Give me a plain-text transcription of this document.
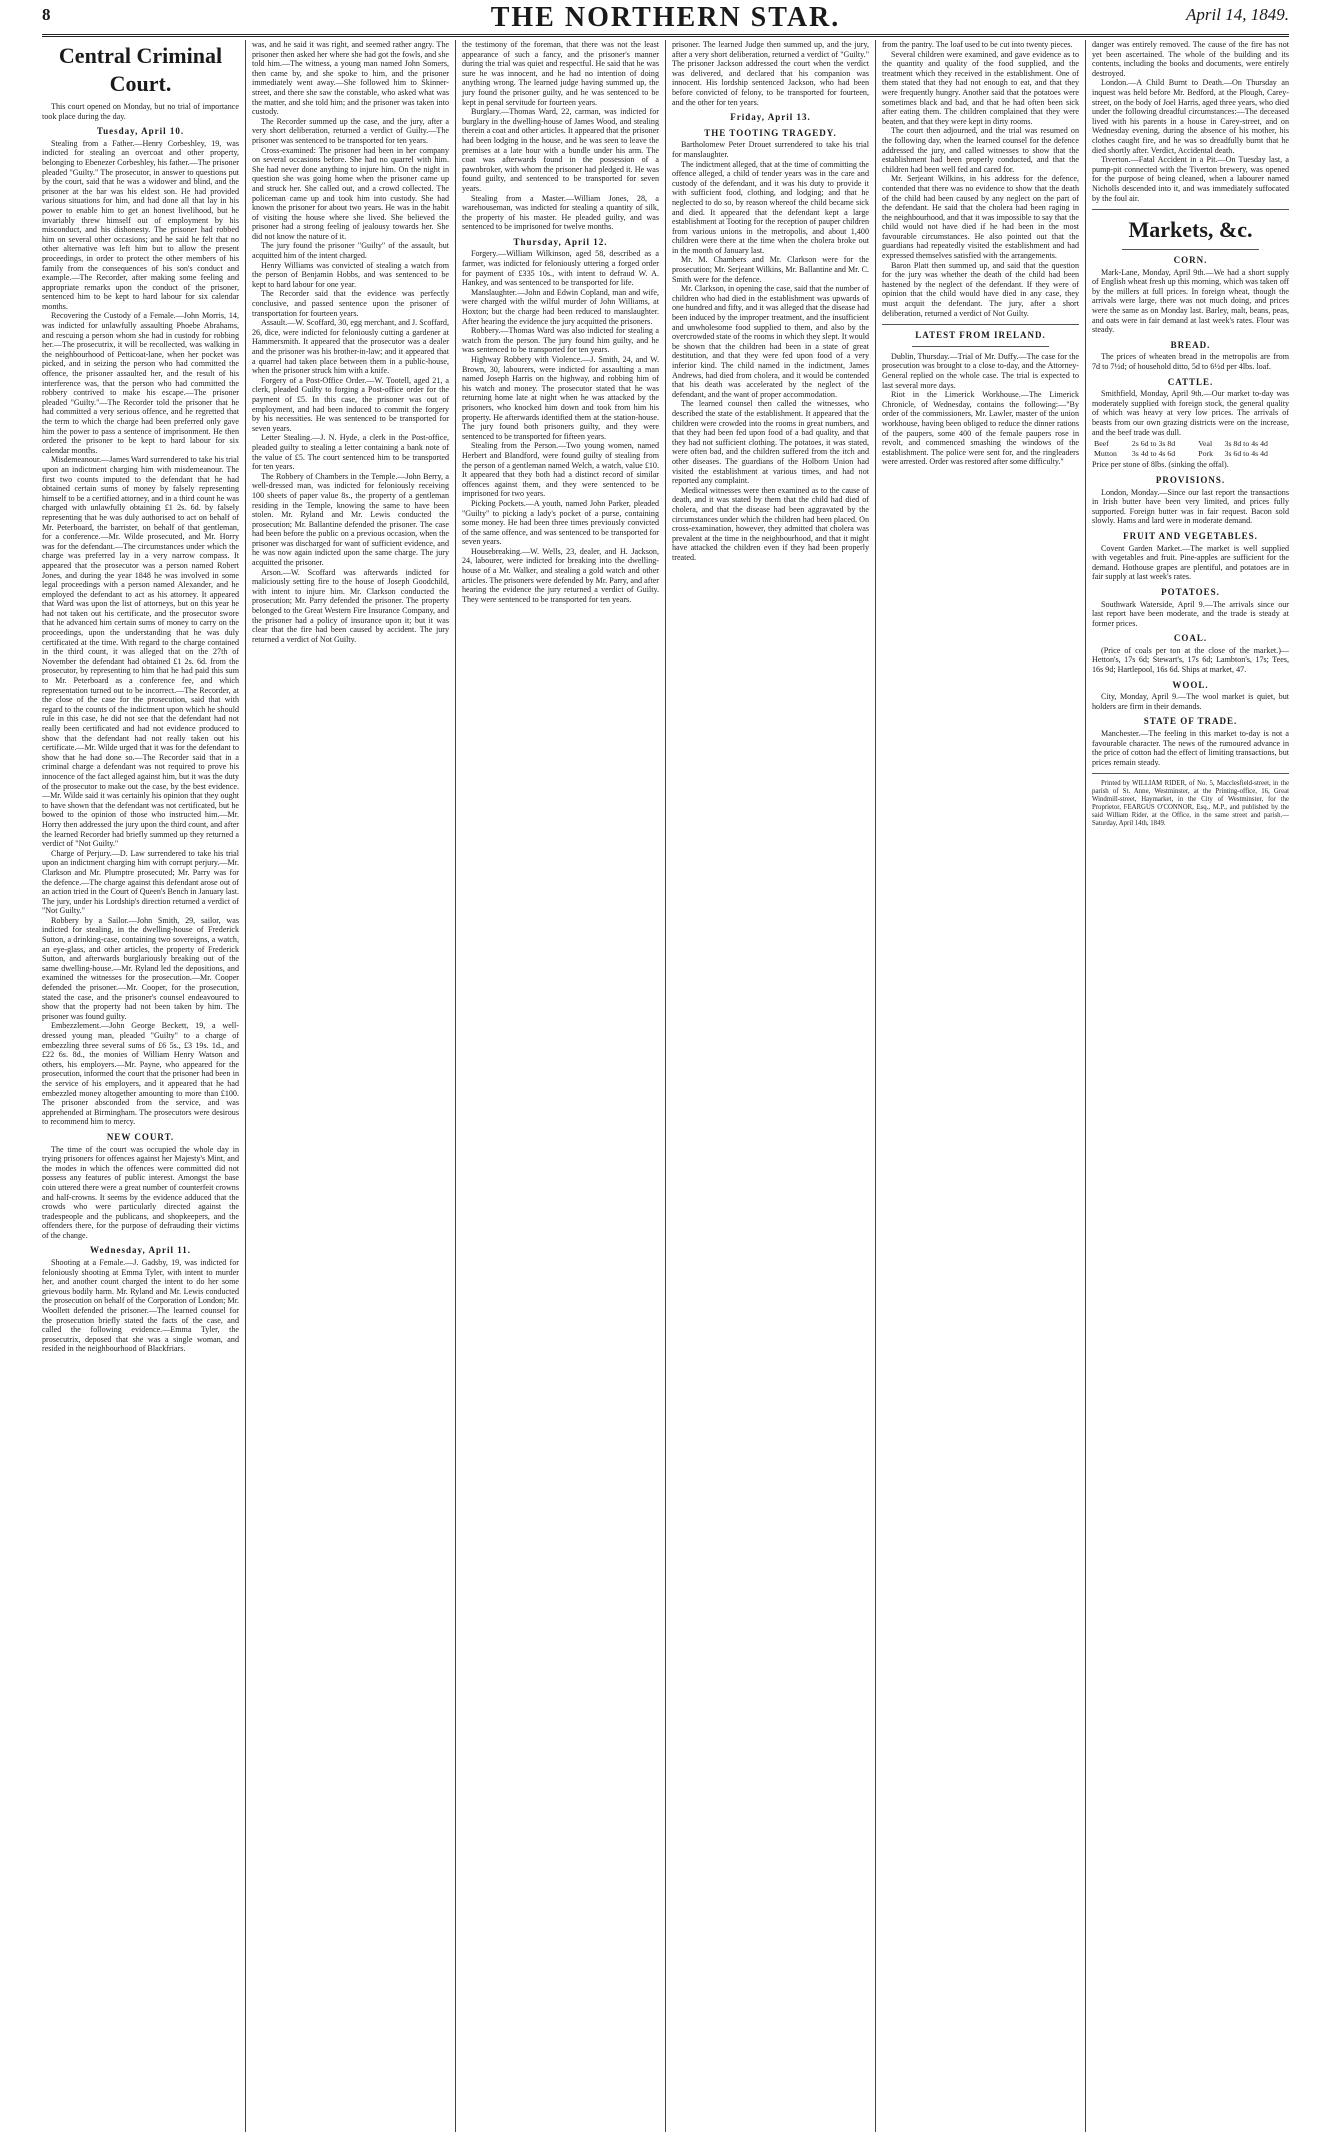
8	THE NORTHERN STAR.	April 14, 1849.
Central Criminal Court.

This court opened on Monday, but no trial of importance took place during the day.

Tuesday, April 10.

Stealing from a Father.—Henry Corbeshley, 19, was indicted for stealing an overcoat and other property, belonging to Ebenezer Corbeshley, his father.—The prisoner pleaded "Guilty." The prosecutor, in answer to questions put by the court, said that he was a widower and blind, and the prisoner at the bar was his eldest son. He had provided various situations for him, and had done all that lay in his power to enable him to get an honest livelihood, but he invariably threw himself out of employment by his misconduct, and his dishonesty. The prisoner had robbed him on several other occasions; and he said he felt that no other alternative was left him but to allow the present proceedings, in order to protect the other members of his family from the consequences of his son's conduct and example.—The Recorder, after making some feeling and appropriate remarks upon the conduct of the prisoner, sentenced him to be kept to hard labour for six calendar months.

Recovering the Custody of a Female.—John Morris, 14, was indicted for unlawfully assaulting Phoebe Abrahams, and rescuing a person whom she had in custody for robbing her.—The prosecutrix, it will be recollected, was walking in the neighbourhood of Petticoat-lane, when her pocket was picked, and in seizing the person who had committed the offence, the prisoner assaulted her, and the result of his interference was, that the person who had committed the robbery contrived to make his escape.—The prisoner pleaded "Guilty."—The Recorder told the prisoner that he had committed a very serious offence, and he regretted that the term to which the charge had been preferred only gave him the power to pass a sentence of imprisonment. He then ordered the prisoner to be kept to hard labour for six calendar months.

Misdemeanour.—James Ward surrendered to take his trial upon an indictment charging him with misdemeanour. The first two counts imputed to the defendant that he had obtained certain sums of money by falsely representing himself to be a certified attorney, and in a third count he was charged with unlawfully obtaining £1 2s. 6d. by falsely representing that he was duly authorised to act on behalf of Mr. Peterboard, the barrister, on behalf of that gentleman, for a conference.—Mr. Wilde prosecuted, and Mr. Horry was for the defendant.—The circumstances under which the charge was preferred lay in a very narrow compass. It appeared that the prosecutor was a person named Robert Jones, and during the year 1848 he was involved in some legal proceedings with a person named Alexander, and he employed the defendant to act as his attorney. It appeared that Ward was upon the list of attorneys, but on this year he had not taken out his certificate, and the prosecutor swore that he advanced him certain sums of money to carry on the proceedings, upon the understanding that he was duly certificated at the time. With regard to the charge contained in the third count, it was alleged that on the 27th of November the defendant had obtained £1 2s. 6d. from the prosecutor, by representing to him that he had paid this sum to Mr. Peterboard as a conference fee, and which representation turned out to be incorrect.—The Recorder, at the close of the case for the prosecution, said that with regard to the counts of the indictment upon which he should rule in this case, he did not see that the defendant had not really been certificated and had not evidence produced to show that the defendant had not really taken out his certificate.—Mr. Wilde urged that it was for the defendant to show that he had done so.—The Recorder said that in a criminal charge a defendant was not required to prove his innocence of the fact alleged against him, but it was the duty of the prosecutor to make out the case, by the best evidence.—Mr. Wilde said it was certainly his opinion that they ought to have shown that the defendant was not certificated, but he bowed to the opinion of those who instructed him.—Mr. Horry then addressed the jury upon the third count, and after the learned Recorder had briefly summed up they returned a verdict of "Not Guilty."

Charge of Perjury.—D. Law surrendered to take his trial upon an indictment charging him with corrupt perjury.—Mr. Clarkson and Mr. Plumptre prosecuted; Mr. Parry was for the defence.—The charge against this defendant arose out of an action tried in the Court of Queen's Bench in January last. The jury, under his Lordship's direction returned a verdict of "Not Guilty."

Robbery by a Sailor.—John Smith, 29, sailor, was indicted for stealing, in the dwelling-house of Frederick Sutton, a drinking-case, containing two sovereigns, a watch, an eye-glass, and other articles, the property of Frederick Sutton, and afterwards burglariously breaking out of the same dwelling-house.—Mr. Ryland led the depositions, and examined the witnesses for the prosecution.—Mr. Cooper defended the prisoner.—Mr. Cooper, for the prosecution, stated the case, and the prisoner's counsel endeavoured to show that the property had not been taken by him. The prisoner was found guilty.

Embezzlement.—John George Beckett, 19, a well-dressed young man, pleaded "Guilty" to a charge of embezzling three several sums of £6 5s., £3 19s. 1d., and £22 6s. 8d., the monies of William Henry Watson and others, his employers.—Mr. Payne, who appeared for the prosecution, informed the court that the prisoner had been in the service of his employers, and it appeared that he had embezzled money altogether amounting to more than £100. The prisoner absconded from the service, and was apprehended at Birmingham. The prosecutors were desirous to recommend him to mercy.

NEW COURT.

The time of the court was occupied the whole day in trying prisoners for offences against her Majesty's Mint, and the modes in which the offences were committed did not possess any features of public interest. Amongst the base coin uttered there were a great number of counterfeit crowns and half-crowns. It seems by the evidence adduced that the crowds who were particularly directed against the tradespeople and the publicans, and shopkeepers, and the offenders there, for the purpose of defrauding their victims of the change.

Wednesday, April 11.

Shooting at a Female.—J. Gadsby, 19, was indicted for feloniously shooting at Emma Tyler, with intent to murder her, and another count charged the intent to do her some grievous bodily harm. Mr. Ryland and Mr. Lewis conducted the prosecution on behalf of the Corporation of London; Mr. Woollett defended the prisoner.—The learned counsel for the prosecution briefly stated the facts of the case, and called the following evidence.—Emma Tyler, the prosecutrix, deposed that she was a single woman, and resided in the neighbourhood of Blackfriars.

was, and he said it was right, and seemed rather angry. The prisoner then asked her where she had got the fowls, and she told him.—The witness, a young man named John Somers, then came by, and she spoke to him, and the prisoner immediately went away.—She followed him to Skinner-street, and there she saw the constable, who asked what was the matter, and she told him; and the prisoner was taken into custody.

The Recorder summed up the case, and the jury, after a very short deliberation, returned a verdict of Guilty.—The prisoner was sentenced to be transported for ten years.

Cross-examined: The prisoner had been in her company on several occasions before. She had no quarrel with him. She had never done anything to injure him. On the night in question she was going home when the prisoner came up and struck her. She called out, and a crowd collected. The policeman came up and took him into custody. She had known the prisoner for about two years. He was in the habit of visiting the house where she lived. She believed the prisoner had a strong feeling of jealousy towards her. She did not know the nature of it.

The jury found the prisoner "Guilty" of the assault, but acquitted him of the intent charged.

Henry Williams was convicted of stealing a watch from the person of Benjamin Hobbs, and was sentenced to be kept to hard labour for one year.

The Recorder said that the evidence was perfectly conclusive, and passed sentence upon the prisoner of transportation for fourteen years.

Assault.—W. Scoffard, 30, egg merchant, and J. Scoffard, 26, dice, were indicted for feloniously cutting a gardener at Hammersmith. It appeared that the prosecutor was a dealer and the prisoner was his brother-in-law; and it appeared that a quarrel had taken place between them in a public-house, when the prisoner struck him with a knife.

Forgery of a Post-Office Order.—W. Tootell, aged 21, a clerk, pleaded Guilty to forging a Post-office order for the payment of £5. In this case, the prisoner was out of employment, and had been induced to commit the forgery by his necessities. He was sentenced to be transported for seven years.

Letter Stealing.—J. N. Hyde, a clerk in the Post-office, pleaded guilty to stealing a letter containing a bank note of the value of £5. The court sentenced him to be transported for ten years.

The Robbery of Chambers in the Temple.—John Berry, a well-dressed man, was indicted for feloniously receiving 100 sheets of paper value 8s., the property of a gentleman residing in the Temple, knowing the same to have been stolen. Mr. Ryland and Mr. Lewis conducted the prosecution; Mr. Ballantine defended the prisoner. The case had been before the public on a previous occasion, when the prisoner was discharged for want of sufficient evidence, and he was now again indicted upon the same charge. The jury acquitted the prisoner.

Arson.—W. Scoffard was afterwards indicted for maliciously setting fire to the house of Joseph Goodchild, with intent to injure him. Mr. Clarkson conducted the prosecution; Mr. Parry defended the prisoner. The property belonged to the Great Western Fire Insurance Company, and the prisoner had a policy of insurance upon it; but it was clear that the fire had been caused by accident. The jury returned a verdict of Not Guilty.

the testimony of the foreman, that there was not the least appearance of such a fancy, and the prisoner's manner during the trial was quiet and respectful. He said that he was sure he was innocent, and he had no intention of doing anything wrong. The learned judge having summed up, the jury found the prisoner guilty, and he was sentenced to be kept in penal servitude for fourteen years.

Burglary.—Thomas Ward, 22, carman, was indicted for burglary in the dwelling-house of James Wood, and stealing therein a coat and other articles. It appeared that the prisoner had been lodging in the house, and he was seen to leave the premises at a late hour with a bundle under his arm. The coat was afterwards found in the possession of a pawnbroker, with whom the prisoner had pledged it. He was found guilty, and sentenced to be transported for seven years.

Stealing from a Master.—William Jones, 28, a warehouseman, was indicted for stealing a quantity of silk, the property of his master. He pleaded guilty, and was sentenced to be imprisoned for twelve months.

Thursday, April 12.

Forgery.—William Wilkinson, aged 58, described as a farmer, was indicted for feloniously uttering a forged order for payment of £335 10s., with intent to defraud W. A. Hankey, and was sentenced to be transported for life.

Manslaughter.—John and Edwin Copland, man and wife, were charged with the wilful murder of John Williams, at Hoxton; but the charge had been reduced to manslaughter. After hearing the evidence the jury acquitted the prisoners.

Robbery.—Thomas Ward was also indicted for stealing a watch from the person. The jury found him guilty, and he was sentenced to be transported for ten years.

Highway Robbery with Violence.—J. Smith, 24, and W. Brown, 30, labourers, were indicted for assaulting a man named Joseph Harris on the highway, and robbing him of his watch and money. The prosecutor stated that he was returning home late at night when he was attacked by the prisoners, who knocked him down and took from him his property. He afterwards identified them at the station-house. The jury found both prisoners guilty, and they were sentenced to be transported for fifteen years.

Stealing from the Person.—Two young women, named Herbert and Blandford, were found guilty of stealing from the person of a gentleman named Welch, a watch, value £10. It appeared that they both had a distinct record of similar offences against them, and they were sentenced to be imprisoned for two years.

Picking Pockets.—A youth, named John Parker, pleaded "Guilty" to picking a lady's pocket of a purse, containing some money. He had been three times previously convicted of the same offence, and was sentenced to be transported for seven years.

Housebreaking.—W. Wells, 23, dealer, and H. Jackson, 24, labourer, were indicted for breaking into the dwelling-house of a Mr. Walker, and stealing a gold watch and other articles. The prisoners were defended by Mr. Parry, and after hearing the evidence the jury returned a verdict of Guilty. They were sentenced to be transported for ten years.

prisoner. The learned Judge then summed up, and the jury, after a very short deliberation, returned a verdict of "Guilty." The prisoner Jackson addressed the court when the verdict was delivered, and declared that his companion was innocent. His lordship sentenced Jackson, who had been before convicted of felony, to be transported for fourteen, and the other for ten years.

Friday, April 13.
THE TOOTING TRAGEDY.

Bartholomew Peter Drouet surrendered to take his trial for manslaughter.

The indictment alleged, that at the time of committing the offence alleged, a child of tender years was in the care and custody of the defendant, and it was his duty to provide it with sufficient food, clothing, and lodging; and that he neglected to do so, by reason whereof the child became sick and died. It appeared that the defendant kept a large establishment at Tooting for the reception of pauper children from various unions in the metropolis, and about 1,400 children were there at the time when the cholera broke out in the month of January last.

Mr. M. Chambers and Mr. Clarkson were for the prosecution; Mr. Serjeant Wilkins, Mr. Ballantine and Mr. C. Smith were for the defence.

Mr. Clarkson, in opening the case, said that the number of children who had died in the establishment was upwards of one hundred and fifty, and it was alleged that the disease had been induced by the improper treatment, and the insufficient and unwholesome food supplied to them, and also by the overcrowded state of the rooms in which they slept. It would be shown that the children had been in a state of great destitution, and that they were fed upon food of a very inferior kind. The child named in the indictment, James Andrews, had died from cholera, and it would be contended that his death was accelerated by the neglect of the defendant, and the want of proper accommodation.

The learned counsel then called the witnesses, who described the state of the establishment. It appeared that the children were crowded into the rooms in great numbers, and that they had been fed upon food of a bad quality, and that they had not sufficient clothing. The potatoes, it was stated, were often bad, and the children suffered from the itch and other diseases. The guardians of the Holborn Union had visited the establishment at various times, and had not reported any complaint.

Medical witnesses were then examined as to the cause of death, and it was stated by them that the child had died of cholera, and that the disease had been aggravated by the circumstances under which the children had been placed. On cross-examination, however, they admitted that cholera was prevalent at the time in the neighbourhood, and that it might have attacked the children even if they had been properly treated.

from the pantry. The loaf used to be cut into twenty pieces.

Several children were examined, and gave evidence as to the quantity and quality of the food supplied, and the treatment which they received in the establishment. One of them stated that they had not enough to eat, and that they were frequently hungry. Another said that the potatoes were sometimes black and bad, and that he had often been sick after eating them. The children complained that they were beaten, and that they were kept in dirty rooms.

The court then adjourned, and the trial was resumed on the following day, when the learned counsel for the defence addressed the jury, and called witnesses to show that the establishment had been properly conducted, and that the children had been well fed and cared for.

Mr. Serjeant Wilkins, in his address for the defence, contended that there was no evidence to show that the death of the child had been caused by any neglect on the part of the defendant. He said that the cholera had been raging in the neighbourhood, and that it was impossible to say that the child would not have died if he had been in the most favourable circumstances. He also pointed out that the guardians had repeatedly visited the establishment and had expressed themselves satisfied with the arrangements.

Baron Platt then summed up, and said that the question for the jury was whether the death of the child had been hastened by the neglect of the defendant. If they were of opinion that the child would have died in any case, they must acquit the defendant. The jury, after a short deliberation, returned a verdict of Not Guilty.

LATEST FROM IRELAND.

Dublin, Thursday.—Trial of Mr. Duffy.—The case for the prosecution was brought to a close to-day, and the Attorney-General replied on the whole case. The trial is expected to last several more days.

Riot in the Limerick Workhouse.—The Limerick Chronicle, of Wednesday, contains the following:—"By order of the commissioners, Mr. Lawler, master of the union workhouse, having been obliged to reduce the dinner rations of the paupers, some 400 of the female paupers rose in revolt, and commenced smashing the windows of the establishment. The police were sent for, and the ringleaders were arrested. Order was restored after some difficulty."

danger was entirely removed. The cause of the fire has not yet been ascertained. The whole of the building and its contents, including the books and documents, were entirely destroyed.

London.—A Child Burnt to Death.—On Thursday an inquest was held before Mr. Bedford, at the Plough, Carey-street, on the body of Joel Harris, aged three years, who died under the following dreadful circumstances:—The deceased lived with his parents in a house in Carey-street, and on Wednesday evening, during the absence of his mother, his clothes caught fire, and he was so dreadfully burnt that he died shortly after. Verdict, Accidental death.

Tiverton.—Fatal Accident in a Pit.—On Tuesday last, a pump-pit connected with the Tiverton brewery, was opened for the purpose of being cleaned, when a labourer named Nicholls descended into it, and was immediately suffocated by the foul air.

Markets, &c.
CORN.

Mark-Lane, Monday, April 9th.—We had a short supply of English wheat fresh up this morning, which was taken off by the millers at full prices. In foreign wheat, though the arrivals were large, there was not much doing, and prices were the same as on Monday last. Barley, malt, beans, peas, and oats were in fair demand at last week's rates. Flour was steady.

BREAD.

The prices of wheaten bread in the metropolis are from 7d to 7½d; of household ditto, 5d to 6½d per 4lbs. loaf.

CATTLE.

Smithfield, Monday, April 9th.—Our market to-day was moderately supplied with foreign stock, the general quality of which was heavy at very low prices. The arrivals of beasts from our own grazing districts were on the increase, and the beef trade was dull.

Beef	2s 6d to 3s 8d	Veal	3s 8d to 4s 4d
Mutton	3s 4d to 4s 6d	Pork	3s 6d to 4s 4d

Price per stone of 8lbs. (sinking the offal).

PROVISIONS.

London, Monday.—Since our last report the transactions in Irish butter have been very limited, and prices fully supported. Foreign butter was in fair request. Bacon sold slowly. Hams and lard were in moderate demand.

FRUIT AND VEGETABLES.

Covent Garden Market.—The market is well supplied with vegetables and fruit. Pine-apples are sufficient for the demand. Hothouse grapes are plentiful, and potatoes are in fair supply at last week's rates.

POTATOES.

Southwark Waterside, April 9.—The arrivals since our last report have been moderate, and the trade is steady at former prices.

COAL.

(Price of coals per ton at the close of the market.)—Hetton's, 17s 6d; Stewart's, 17s 6d; Lambton's, 17s; Tees, 16s 9d; Hartlepool, 16s 6d. Ships at market, 47.

WOOL.

City, Monday, April 9.—The wool market is quiet, but holders are firm in their demands.

STATE OF TRADE.

Manchester.—The feeling in this market to-day is not a favourable character. The news of the rumoured advance in the price of cotton had the effect of limiting transactions, but prices remain steady.

Printed by WILLIAM RIDER, of No. 5, Macclesfield-street, in the parish of St. Anne, Westminster, at the Printing-office, 16, Great Windmill-street, Haymarket, in the City of Westminster, for the Proprietor, FEARGUS O'CONNOR, Esq., M.P., and published by the said William Rider, at the Office, in the same street and parish.—Saturday, April 14th, 1849.
